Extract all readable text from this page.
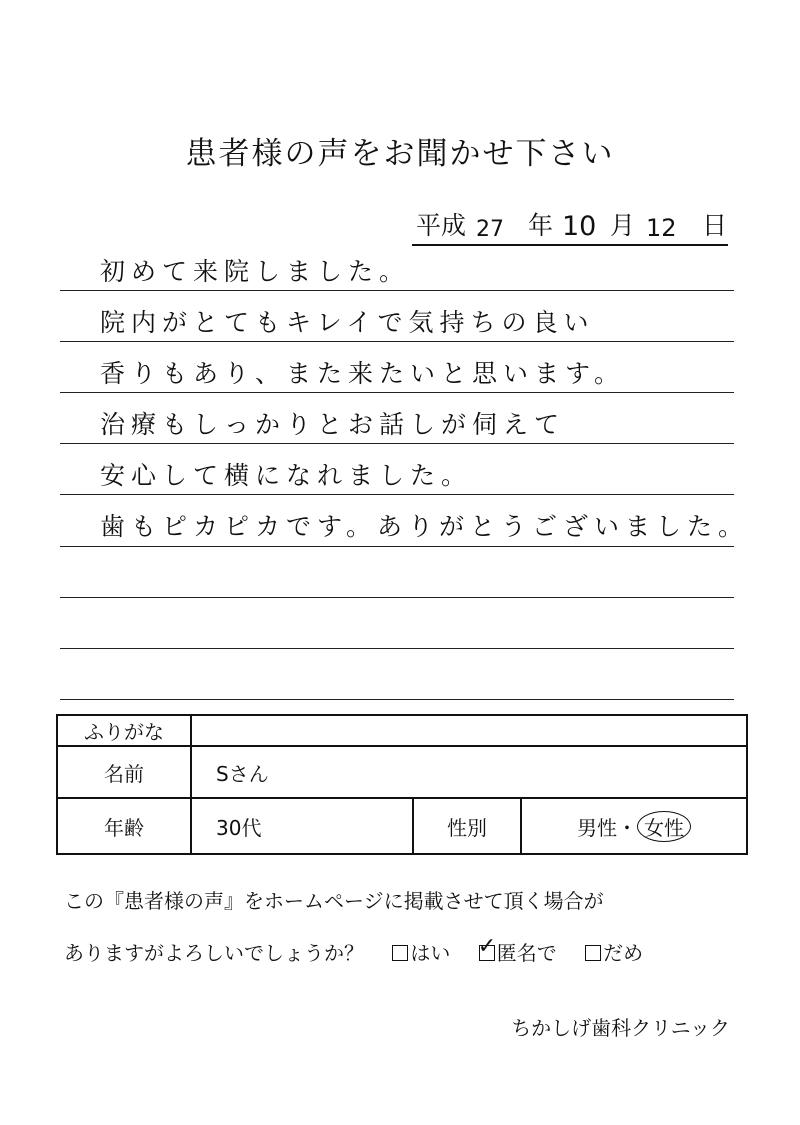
患者様の声をお聞かせ下さい
平成 27 年 10 月 12 日
初めて来院しました。
院内がとてもキレイで気持ちの良い
香りもあり、また来たいと思います。
治療もしっかりとお話しが伺えて
安心して横になれました。
歯もピカピカです。ありがとうございました。
ふりがな			
名前	Sさん		
年齢	30代	性別	男性・ 女性
この『患者様の声』をホームページに掲載させて頂く場合が
ありますがよろしいでしょうか？ はい ✓ 匿名で だめ
ちかしげ歯科クリニック
